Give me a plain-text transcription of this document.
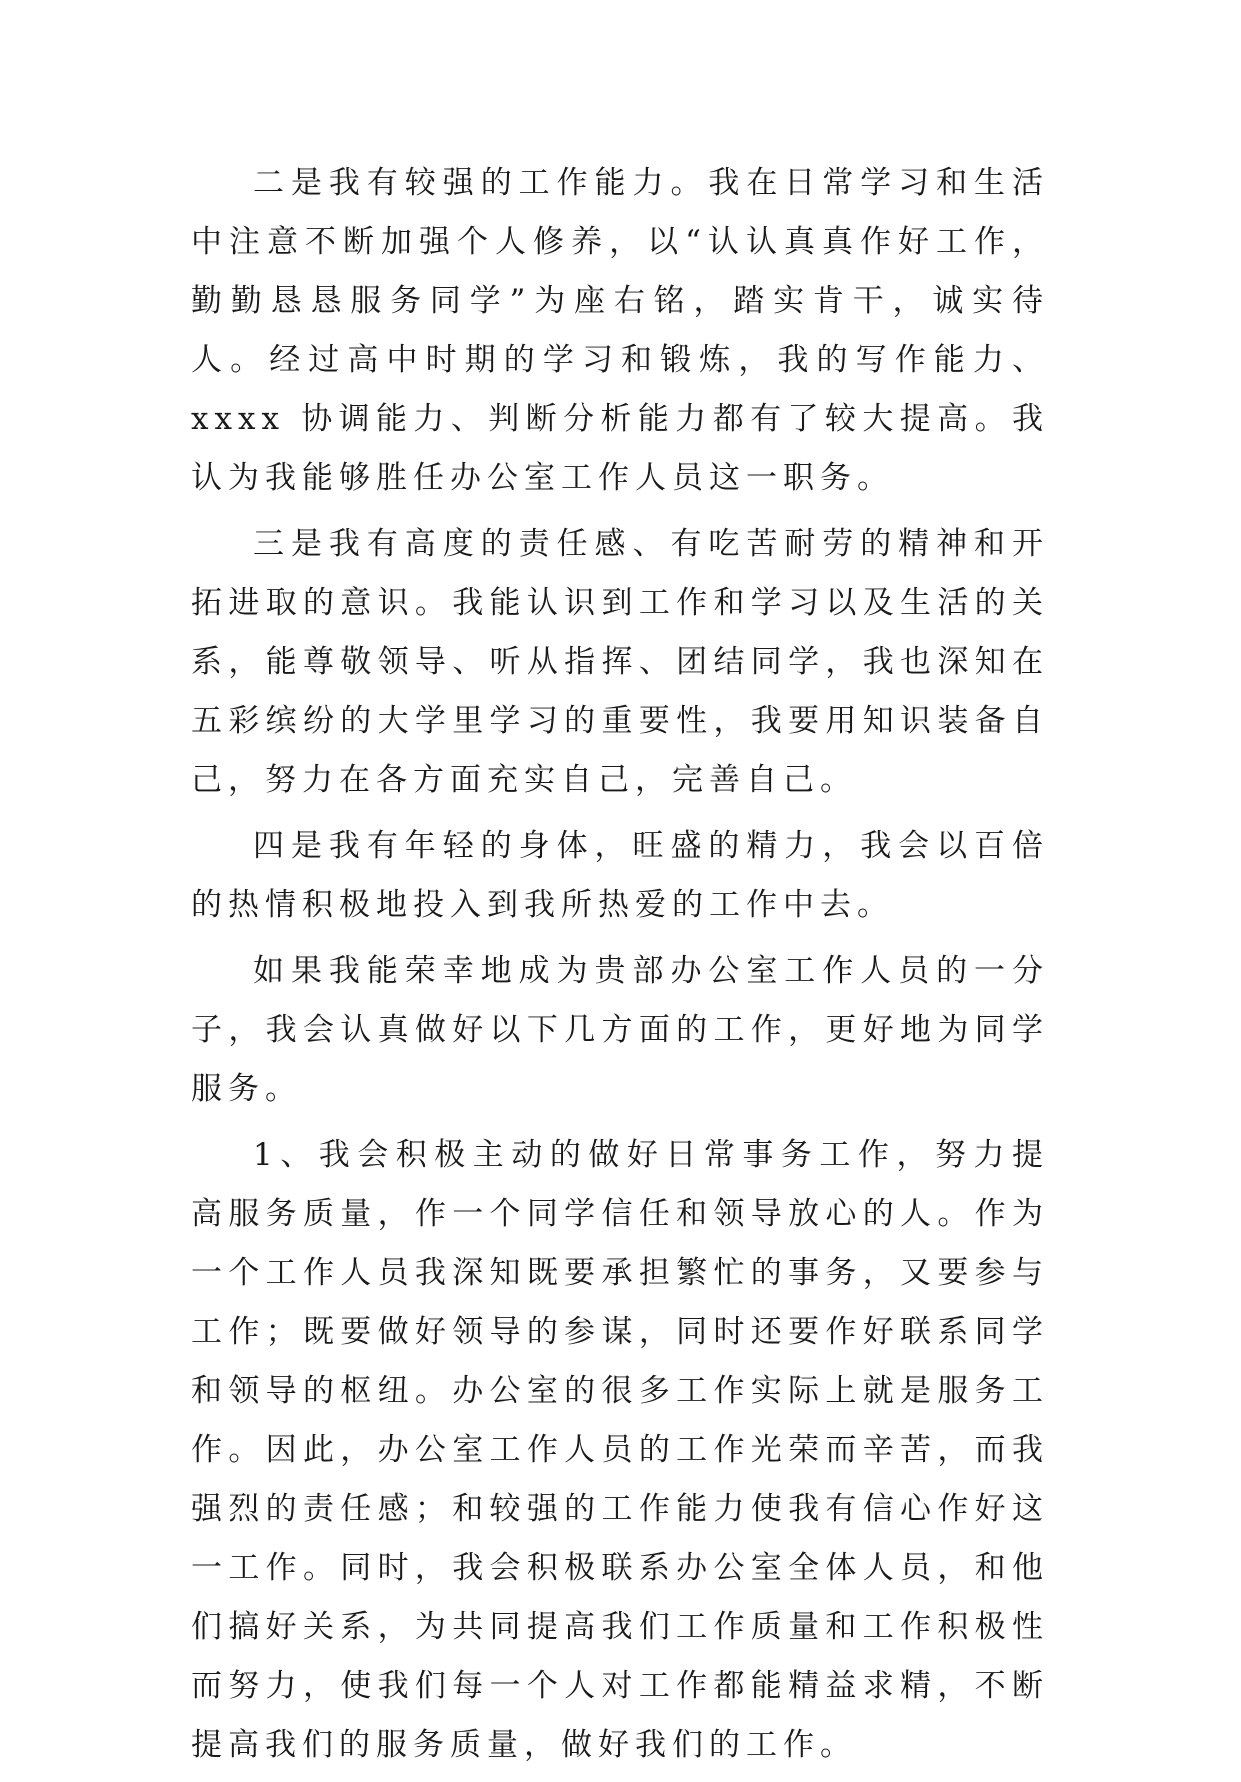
二是我有较强的工作能力。我在日常学习和生活中注意不断加强个人修养，以“认认真真作好工作，勤勤恳恳服务同学”为座右铭，踏实肯干，诚实待人。经过高中时期的学习和锻炼，我的写作能力、xxxx 协调能力、判断分析能力都有了较大提高。我认为我能够胜任办公室工作人员这一职务。

三是我有高度的责任感、有吃苦耐劳的精神和开拓进取的意识。我能认识到工作和学习以及生活的关系，能尊敬领导、听从指挥、团结同学，我也深知在五彩缤纷的大学里学习的重要性，我要用知识装备自己，努力在各方面充实自己，完善自己。

四是我有年轻的身体，旺盛的精力，我会以百倍的热情积极地投入到我所热爱的工作中去。

如果我能荣幸地成为贵部办公室工作人员的一分子，我会认真做好以下几方面的工作，更好地为同学服务。

1、我会积极主动的做好日常事务工作，努力提高服务质量，作一个同学信任和领导放心的人。作为一个工作人员我深知既要承担繁忙的事务，又要参与工作；既要做好领导的参谋，同时还要作好联系同学和领导的枢纽。办公室的很多工作实际上就是服务工作。因此，办公室工作人员的工作光荣而辛苦，而我强烈的责任感；和较强的工作能力使我有信心作好这一工作。同时，我会积极联系办公室全体人员，和他们搞好关系，为共同提高我们工作质量和工作积极性而努力，使我们每一个人对工作都能精益求精，不断提高我们的服务质量，做好我们的工作。
